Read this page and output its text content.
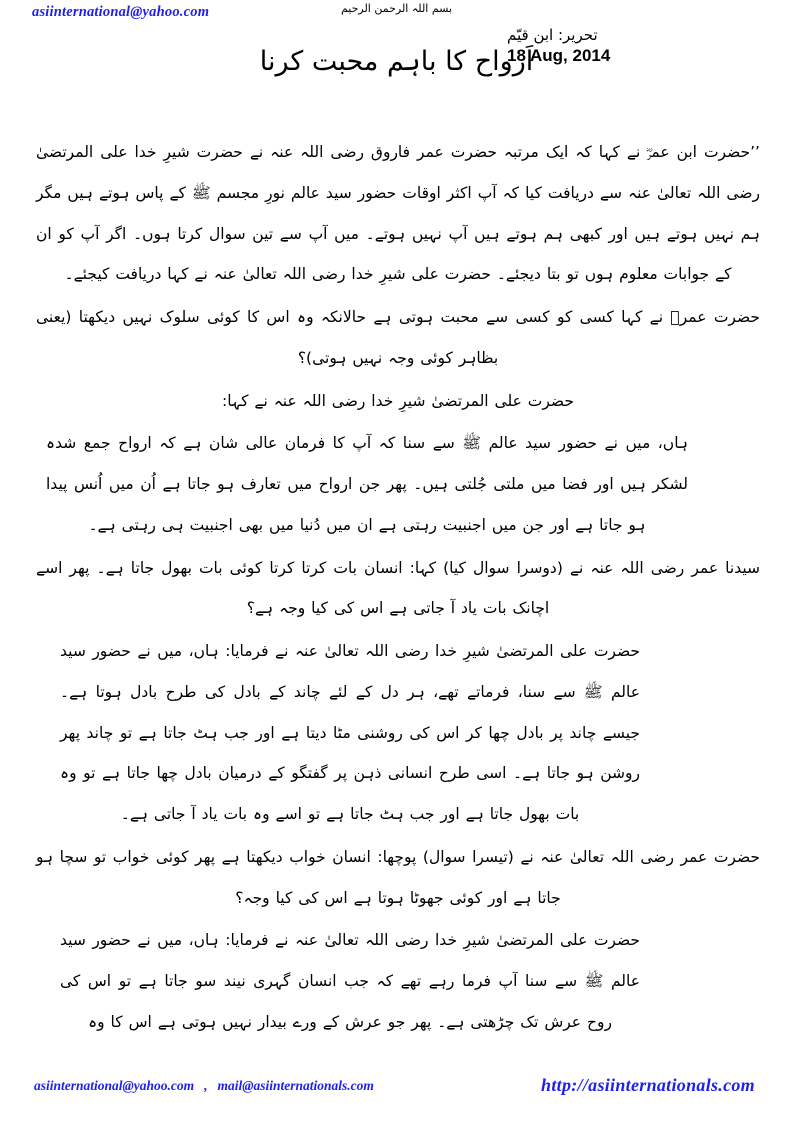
asiinternational@yahoo.com	بسم اللہ الرحمن الرحیم
تحریر: ابن قیّم
18 Aug, 2014
اَرواح کا باہم محبت کرنا

’’حضرت ابن عمرؓ نے کہا کہ ایک مرتبہ حضرت عمر فاروق رضی اللہ عنہ نے حضرت شیرِ خدا علی المرتضیٰ رضی اللہ تعالیٰ عنہ سے دریافت کیا کہ آپ اکثر اوقات حضور سید عالم نورِ مجسم ﷺ کے پاس ہوتے ہیں مگر ہم نہیں ہوتے ہیں اور کبھی ہم ہوتے ہیں آپ نہیں ہوتے۔ میں آپ سے تین سوال کرتا ہوں۔ اگر آپ کو ان کے جوابات معلوم ہوں تو بتا دیجئے۔ حضرت علی شیرِ خدا رضی اللہ تعالیٰ عنہ نے کہا دریافت کیجئے۔

حضرت عمرؓ نے کہا کسی کو کسی سے محبت ہوتی ہے حالانکہ وہ اس کا کوئی سلوک نہیں دیکھتا (یعنی بظاہر کوئی وجہ نہیں ہوتی)؟

حضرت علی المرتضیٰ شیرِ خدا رضی اللہ عنہ نے کہا:

ہاں، میں نے حضور سید عالم ﷺ سے سنا کہ آپ کا فرمان عالی شان ہے کہ ارواح جمع شدہ لشکر ہیں اور فضا میں ملتی جُلتی ہیں۔ پھر جن ارواح میں تعارف ہو جاتا ہے اُن میں اُنس پیدا ہو جاتا ہے اور جن میں اجنبیت رہتی ہے ان میں دُنیا میں بھی اجنبیت ہی رہتی ہے۔

سیدنا عمر رضی اللہ عنہ نے (دوسرا سوال کیا) کہا: انسان بات کرتا کرتا کوئی بات بھول جاتا ہے۔ پھر اسے اچانک بات یاد آ جاتی ہے اس کی کیا وجہ ہے؟

حضرت علی المرتضیٰ شیرِ خدا رضی اللہ تعالیٰ عنہ نے فرمایا: ہاں، میں نے حضور سید عالم ﷺ سے سنا، فرماتے تھے، ہر دل کے لئے چاند کے بادل کی طرح بادل ہوتا ہے۔ جیسے چاند پر بادل چھا کر اس کی روشنی مٹا دیتا ہے اور جب ہٹ جاتا ہے تو چاند پھر روشن ہو جاتا ہے۔ اسی طرح انسانی ذہن پر گفتگو کے درمیان بادل چھا جاتا ہے تو وہ بات بھول جاتا ہے اور جب ہٹ جاتا ہے تو اسے وہ بات یاد آ جاتی ہے۔

حضرت عمر رضی اللہ تعالیٰ عنہ نے (تیسرا سوال) پوچھا: انسان خواب دیکھتا ہے پھر کوئی خواب تو سچا ہو جاتا ہے اور کوئی جھوٹا ہوتا ہے اس کی کیا وجہ؟

حضرت علی المرتضیٰ شیرِ خدا رضی اللہ تعالیٰ عنہ نے فرمایا: ہاں، میں نے حضور سید عالم ﷺ سے سنا آپ فرما رہے تھے کہ جب انسان گہری نیند سو جاتا ہے تو اس کی روح عرش تک چڑھتی ہے۔ پھر جو عرش کے ورے بیدار نہیں ہوتی ہے اس کا وہ

asiinternational@yahoo.com , mail@asiinternationals.com	http://asiinternationals.com
